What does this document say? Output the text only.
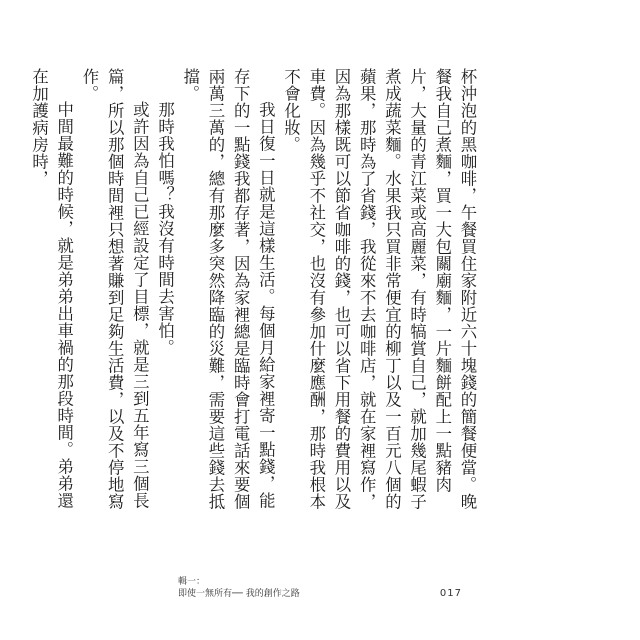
杯沖泡的黑咖啡，午餐買住家附近六十塊錢的簡餐便當。晚餐我自己煮麵，買一大包關廟麵，一片麵餅配上一點豬肉片，大量的青江菜或高麗菜，有時犒賞自己，就加幾尾蝦子煮成蔬菜麵。水果我只買非常便宜的柳丁以及一百元八個的蘋果，那時為了省錢，我從來不去咖啡店，就在家裡寫作，因為那樣既可以節省咖啡的錢，也可以省下用餐的費用以及車費。因為幾乎不社交，也沒有參加什麼應酬，那時我根本不會化妝。

我日復一日就是這樣生活。每個月給家裡寄一點錢，能存下的一點錢我都存著，因為家裡總是臨時會打電話來要個兩萬三萬的，總有那麼多突然降臨的災難，需要這些錢去抵擋。

那時我怕嗎？我沒有時間去害怕。

或許因為自己已經設定了目標，就是三到五年寫三個長篇，所以那個時間裡只想著賺到足夠生活費，以及不停地寫作。

中間最難的時候，就是弟弟出車禍的那段時間。弟弟還在加護病房時，

輯一：
即使一無所有── 我的創作之路	017
